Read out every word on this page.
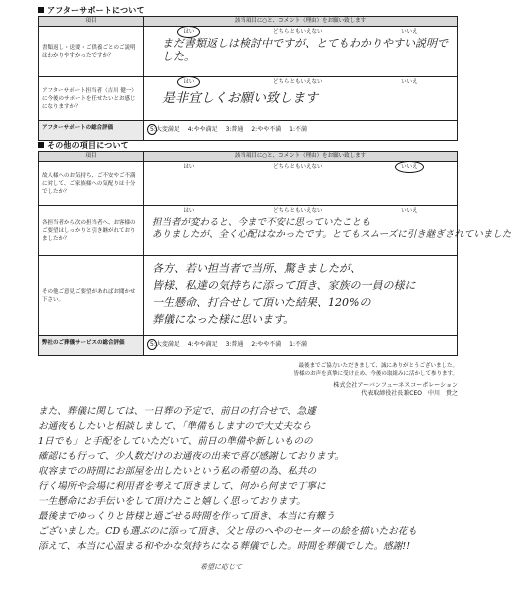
アフターサポートについて
項目	該当項目に○と、コメント（理由）をお願い致します
書類返し・送要・ご供養ごとのご説明はわかりやすかったですか？	はい どちらともいえない いいえ
まだ書類返しは検討中ですが、とてもわかりやすい説明でした。

アフターサポート担当者（吉川 健一）に今後のサポートを任せたいとお感じになりますか？	はい どちらともいえない いいえ
是非宜しくお願い致します

アフターサポートの総合評価	5:大変満足 4:やや満足 3:普通 2:やや不満 1:不満
その他の項目について
項目	該当項目に○と、コメント（理由）をお願い致します
故人様へのお気持ち、ご不安やご不満に対して、ご家族様への気配りは十分でしたか？	はい どちらともいえない いいえ

各担当者から次の担当者へ、お客様のご要望はしっかりと引き継がれておりましたか？	はい どちらともいえない いいえ
担当者が変わると、今まで不安に思っていたことも
ありましたが、全く心配はなかったです。とてもスムーズに引き継ぎされていました

その他ご意見ご要望があればお聞かせ下さい。	各方、若い担当者で当所、驚きましたが、
皆様、私達の気持ちに添って頂き、家族の一員の様に
一生懸命、打合せして頂いた結果、120%の
葬儀になった様に思います。

弊社のご葬儀サービスの総合評価	5:大変満足 4:やや満足 3:普通 2:やや不満 1:不満
最後までご協力いただきまして、誠にありがとうございました。
皆様のお声を真摯に受け止め、今後の取組みに活かして参ります。
株式会社アーバンフューネスコーポレーション
代表取締役社長兼CEO　中川　貴之
また、葬儀に関しては、一日葬の予定で、前日の打合せで、急遽
お通夜もしたいと相談しまして、「準備もしますので大丈夫なら
1日でも」と手配をしていただいて、前日の準備や新しいものの
確認にも行って、少人数だけのお通夜の出来で喜び感謝しております。
収容までの時間にお部屋を出したいという私の希望の為、私共の
行く場所や会場に利用者を考えて頂きまして、何から何まで丁寧に
一生懸命にお手伝いをして頂けたこと嬉しく思っております。
最後までゆっくりと皆様と過ごせる時間を作って頂き、本当に有難う
ございました。CDも選ぶのに添って頂き、父と母のへやのセーターの絵を描いたお花も
添えて、本当に心温まる和やかな気持ちになる葬儀でした。時間を葬儀でした。感謝!!
希望に応じて
